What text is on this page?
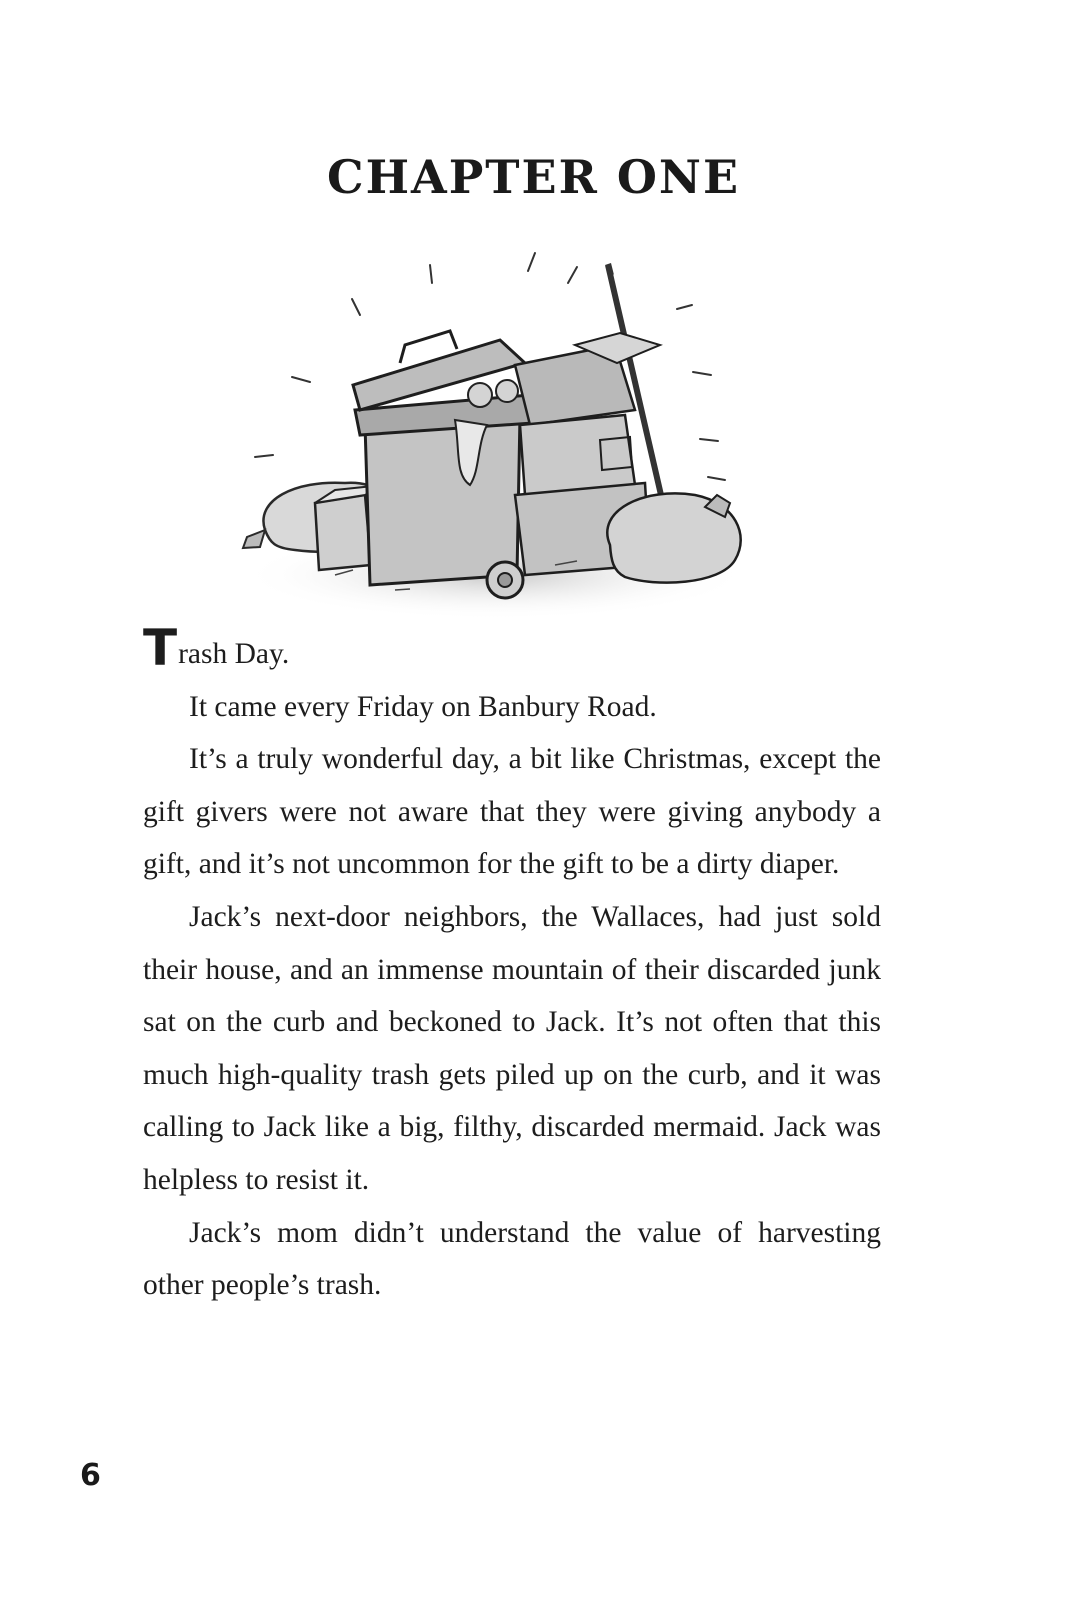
CHAPTER ONE

Trash Day.

It came every Friday on Banbury Road.

It’s a truly wonderful day, a bit like Christmas, except the gift givers were not aware that they were giving anybody a gift, and it’s not uncommon for the gift to be a dirty diaper.

Jack’s next-door neighbors, the Wallaces, had just sold their house, and an immense mountain of their discarded junk sat on the curb and beckoned to Jack. It’s not often that this much high-quality trash gets piled up on the curb, and it was calling to Jack like a big, filthy, discarded mermaid. Jack was helpless to resist it.

Jack’s mom didn’t understand the value of harvesting other people’s trash.

6
